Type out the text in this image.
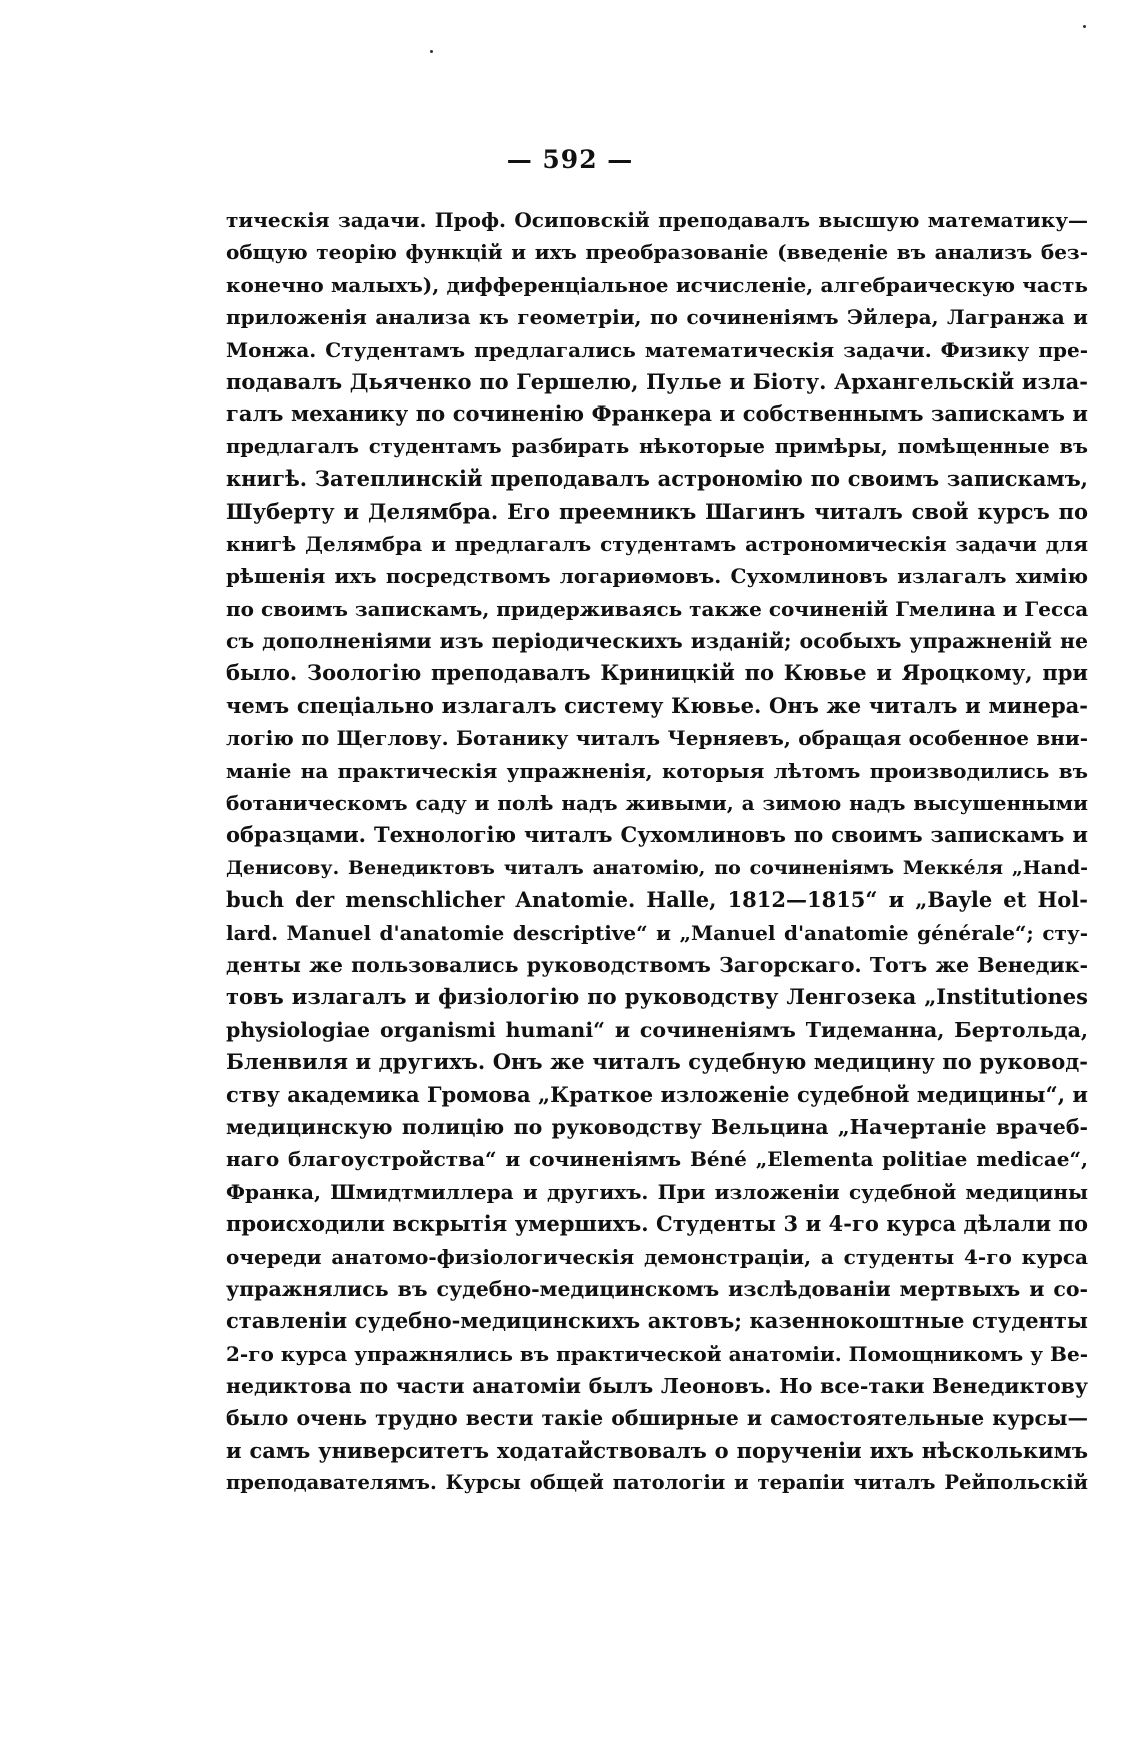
— 592 —
тическія задачи. Проф. Осиповскій преподавалъ высшую математику—
общую теорію функцій и ихъ преобразованіе (введеніе въ анализъ без-
конечно малыхъ), дифференціальное исчисленіе, алгебраическую часть
приложенія анализа къ геометріи, по сочиненіямъ Эйлера, Лагранжа и
Монжа. Студентамъ предлагались математическія задачи. Физику пре-
подавалъ Дьяченко по Гершелю, Пулье и Біоту. Архангельскій изла-
галъ механику по сочиненію Франкера и собственнымъ запискамъ и
предлагалъ студентамъ разбирать нѣкоторые примѣры, помѣщенные въ
книгѣ. Затеплинскій преподавалъ астрономію по своимъ запискамъ,
Шуберту и Делямбра. Его преемникъ Шагинъ читалъ свой курсъ по
книгѣ Делямбра и предлагалъ студентамъ астрономическія задачи для
рѣшенія ихъ посредствомъ логариѳмовъ. Сухомлиновъ излагалъ химію
по своимъ запискамъ, придерживаясь также сочиненій Гмелина и Гесса
съ дополненіями изъ періодическихъ изданій; особыхъ упражненій не
было. Зоологію преподавалъ Криницкій по Кювье и Яроцкому, при
чемъ спеціально излагалъ систему Кювье. Онъ же читалъ и минера-
логію по Щеглову. Ботанику читалъ Черняевъ, обращая особенное вни-
маніе на практическія упражненія, которыя лѣтомъ производились въ
ботаническомъ саду и полѣ надъ живыми, а зимою надъ высушенными
образцами. Технологію читалъ Сухомлиновъ по своимъ запискамъ и
Денисову. Венедиктовъ читалъ анатомію, по сочиненіямъ Мекке́ля „Hand-
buch der menschlicher Anatomie. Halle, 1812—1815“ и „Bayle et Hol-
lard. Manuel d'anatomie descriptive“ и „Manuel d'anatomie générale“; сту-
денты же пользовались руководствомъ Загорскаго. Тотъ же Венедик-
товъ излагалъ и физіологію по руководству Ленгозека „Institutiones
physiologiae organismi humani“ и сочиненіямъ Тидеманна, Бертольда,
Бленвиля и другихъ. Онъ же читалъ судебную медицину по руковод-
ству академика Громова „Краткое изложеніе судебной медицины“, и
медицинскую полицію по руководству Вельцина „Начертаніе врачеб-
наго благоустройства“ и сочиненіямъ Béné „Elementa politiae medicae“,
Франка, Шмидтмиллера и другихъ. При изложеніи судебной медицины
происходили вскрытія умершихъ. Студенты 3 и 4-го курса дѣлали по
очереди анатомо-физіологическія демонстраціи, а студенты 4-го курса
упражнялись въ судебно-медицинскомъ изслѣдованіи мертвыхъ и со-
ставленіи судебно-медицинскихъ актовъ; казеннокоштные студенты
2-го курса упражнялись въ практической анатоміи. Помощникомъ у Ве-
недиктова по части анатоміи былъ Леоновъ. Но все-таки Венедиктову
было очень трудно вести такіе обширные и самостоятельные курсы—
и самъ университетъ ходатайствовалъ о порученіи ихъ нѣсколькимъ
преподавателямъ. Курсы общей патологіи и терапіи читалъ Рейпольскій
